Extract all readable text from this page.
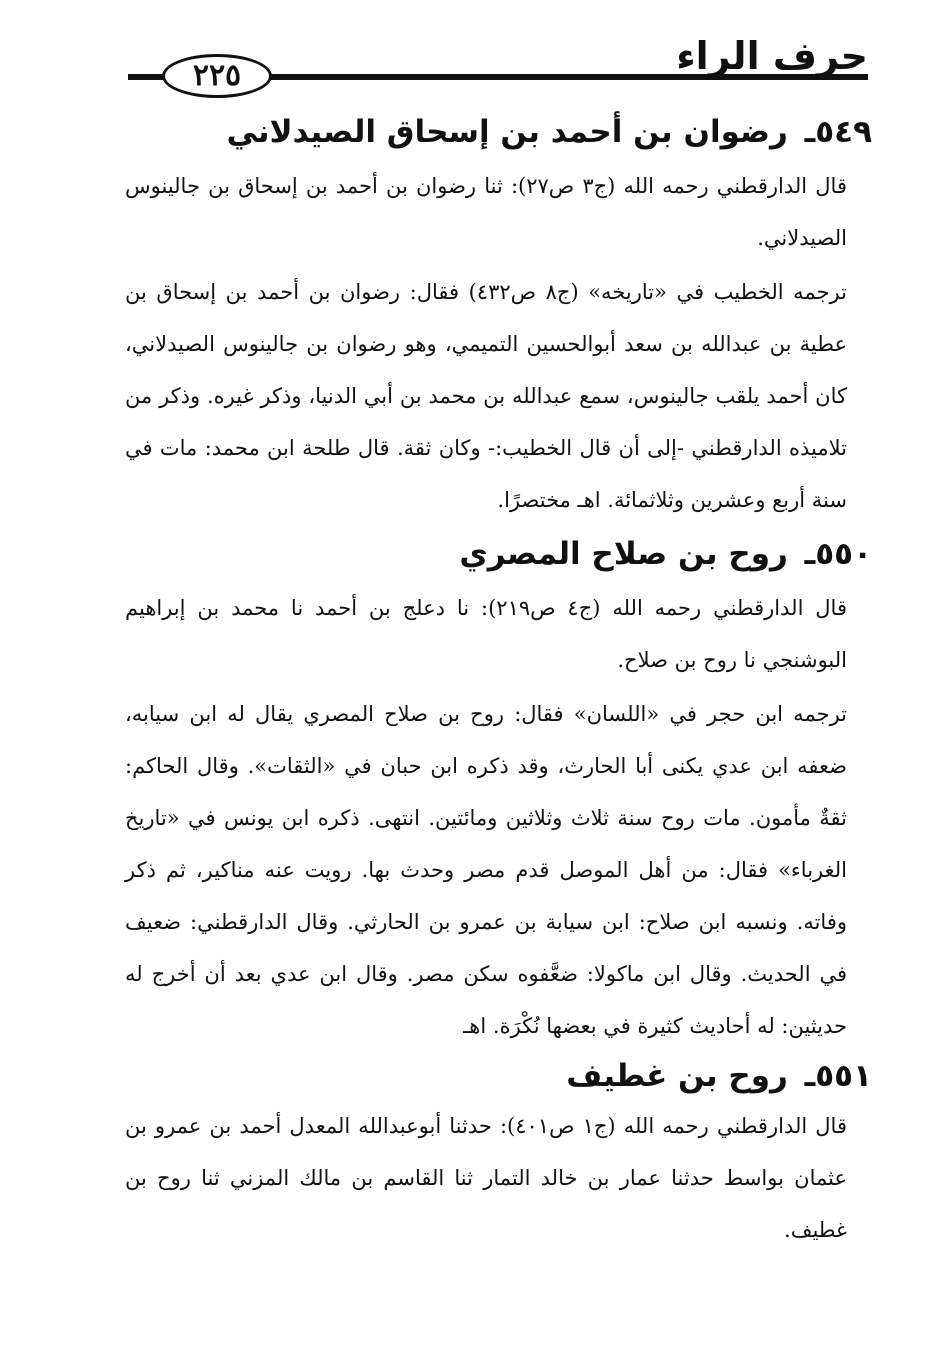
حرف الراء
٢٢٥
٥٤٩ـ رضوان بن أحمد بن إسحاق الصيدلاني
قال الدارقطني رحمه الله (ج٣ ص٢٧): ثنا رضوان بن أحمد بن إسحاق بن جالينوس الصيدلاني.
ترجمه الخطيب في «تاريخه» (ج٨ ص٤٣٢) فقال: رضوان بن أحمد بن إسحاق بن عطية بن عبدالله بن سعد أبوالحسين التميمي، وهو رضوان بن جالينوس الصيدلاني، كان أحمد يلقب جالينوس، سمع عبدالله بن محمد بن أبي الدنيا، وذكر غيره. وذكر من تلاميذه الدارقطني -إلى أن قال الخطيب:- وكان ثقة. قال طلحة ابن محمد: مات في سنة أربع وعشرين وثلاثمائة. اهـ مختصرًا.
٥٥٠ـ روح بن صلاح المصري
قال الدارقطني رحمه الله (ج٤ ص٢١٩): نا دعلج بن أحمد نا محمد بن إبراهيم البوشنجي نا روح بن صلاح.
ترجمه ابن حجر في «اللسان» فقال: روح بن صلاح المصري يقال له ابن سيابه، ضعفه ابن عدي يكنى أبا الحارث، وقد ذكره ابن حبان في «الثقات». وقال الحاكم: ثقةٌ مأمون. مات روح سنة ثلاث وثلاثين ومائتين. انتهى. ذكره ابن يونس في «تاريخ الغرباء» فقال: من أهل الموصل قدم مصر وحدث بها. رويت عنه مناكير، ثم ذكر وفاته. ونسبه ابن صلاح: ابن سيابة بن عمرو بن الحارثي. وقال الدارقطني: ضعيف في الحديث. وقال ابن ماكولا: ضعَّفوه سكن مصر. وقال ابن عدي بعد أن أخرج له حديثين: له أحاديث كثيرة في بعضها نُكْرَة. اهـ
٥٥١ـ روح بن غطيف
قال الدارقطني رحمه الله (ج١ ص٤٠١): حدثنا أبوعبدالله المعدل أحمد بن عمرو بن عثمان بواسط حدثنا عمار بن خالد التمار ثنا القاسم بن مالك المزني ثنا روح بن غطيف.
